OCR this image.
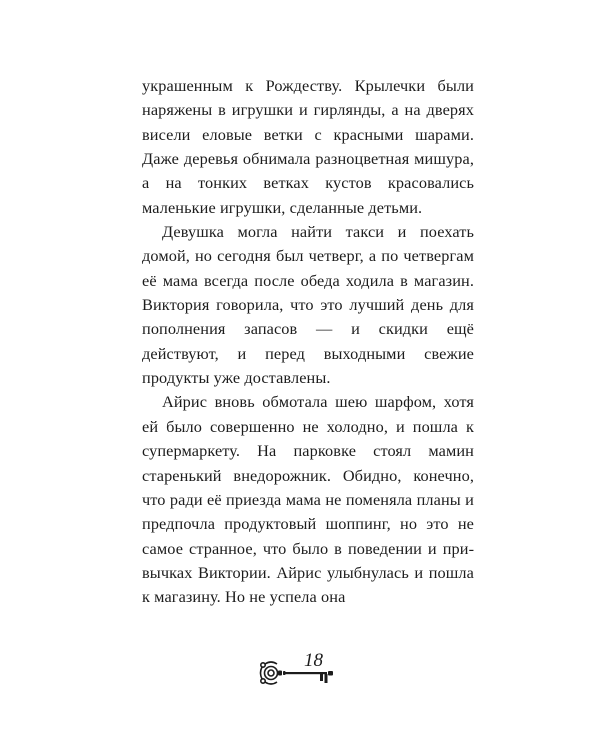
украшенным к Рождеству. Крылечки были наряжены в игрушки и гирлянды, а на дверях висели еловые ветки с красными шарами. Даже деревья обнимала разноцветная мишура, а на тонких ветках кустов красовались маленькие игрушки, сделанные детьми.

Девушка могла найти такси и поехать домой, но сегодня был четверг, а по четвергам её мама всегда после обеда ходила в магазин. Виктория говорила, что это лучший день для пополнения запасов — и скидки ещё действуют, и перед выходными свежие продукты уже доставлены.

Айрис вновь обмотала шею шарфом, хотя ей было совершенно не холодно, и пошла к супермаркету. На парковке стоял мамин старенький внедорожник. Обидно, конечно, что ради её приезда мама не поменяла планы и предпочла продуктовый шоппинг, но это не самое странное, что было в поведении и привычках Виктории. Айрис улыбнулась и пошла к магазину. Но не успела она

18
